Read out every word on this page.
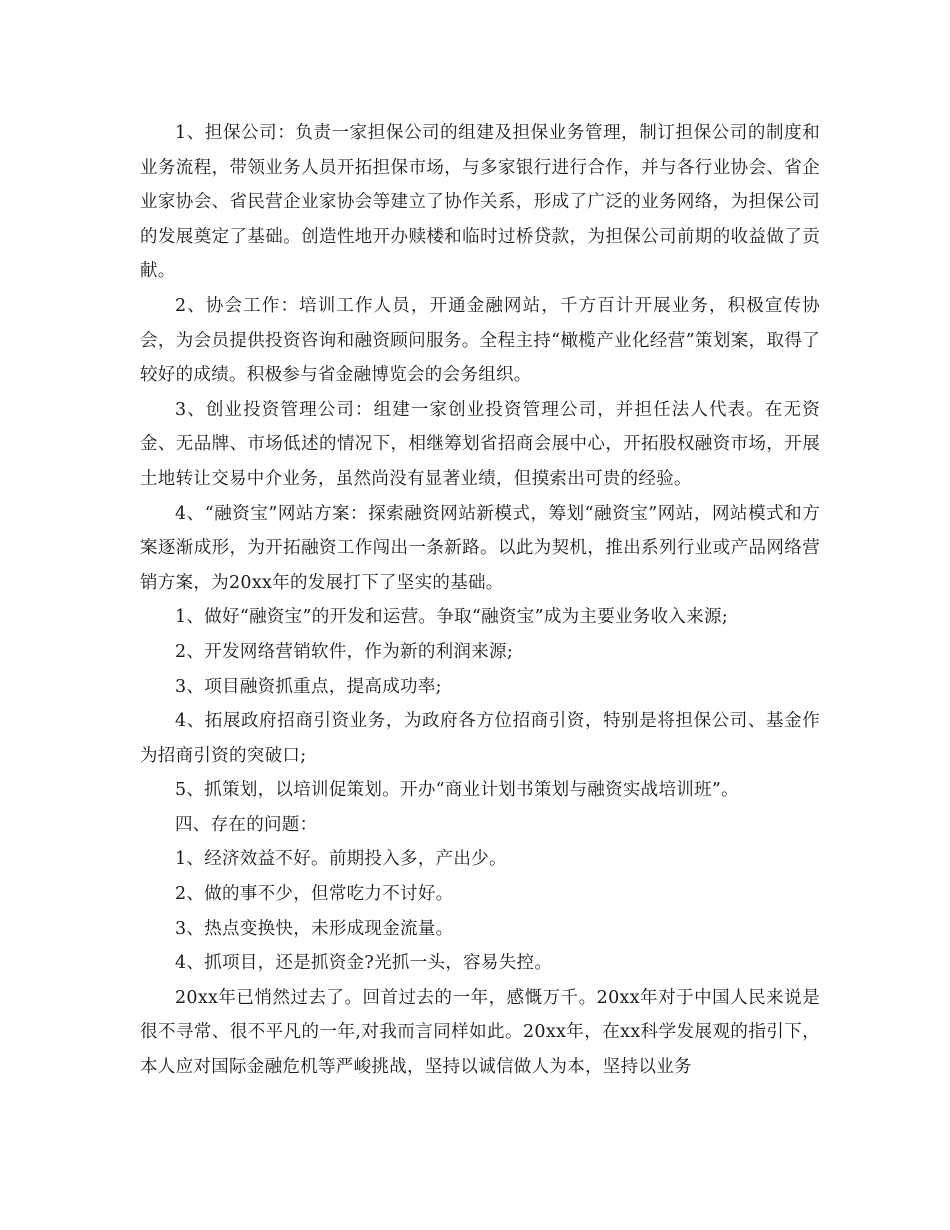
1、担保公司：负责一家担保公司的组建及担保业务管理，制订担保公司的制度和业务流程，带领业务人员开拓担保市场，与多家银行进行合作，并与各行业协会、省企业家协会、省民营企业家协会等建立了协作关系，形成了广泛的业务网络，为担保公司的发展奠定了基础。创造性地开办赎楼和临时过桥贷款，为担保公司前期的收益做了贡献。

2、协会工作：培训工作人员，开通金融网站，千方百计开展业务，积极宣传协会，为会员提供投资咨询和融资顾问服务。全程主持“橄榄产业化经营”策划案，取得了较好的成绩。积极参与省金融博览会的会务组织。

3、创业投资管理公司：组建一家创业投资管理公司，并担任法人代表。在无资金、无品牌、市场低述的情况下，相继筹划省招商会展中心，开拓股权融资市场，开展土地转让交易中介业务，虽然尚没有显著业绩，但摸索出可贵的经验。

4、“融资宝”网站方案：探索融资网站新模式，筹划“融资宝”网站，网站模式和方案逐渐成形，为开拓融资工作闯出一条新路。以此为契机，推出系列行业或产品网络营销方案，为20xx年的发展打下了坚实的基础。

1、做好“融资宝”的开发和运营。争取“融资宝”成为主要业务收入来源;

2、开发网络营销软件，作为新的利润来源;

3、项目融资抓重点，提高成功率;

4、拓展政府招商引资业务，为政府各方位招商引资，特别是将担保公司、基金作为招商引资的突破口;

5、抓策划，以培训促策划。开办“商业计划书策划与融资实战培训班”。

四、存在的问题：

1、经济效益不好。前期投入多，产出少。

2、做的事不少，但常吃力不讨好。

3、热点变换快，未形成现金流量。

4、抓项目，还是抓资金?光抓一头，容易失控。

20xx年已悄然过去了。回首过去的一年，感慨万千。20xx年对于中国人民来说是很不寻常、很不平凡的一年,对我而言同样如此。20xx年，在xx科学发展观的指引下，本人应对国际金融危机等严峻挑战，坚持以诚信做人为本，坚持以业务
